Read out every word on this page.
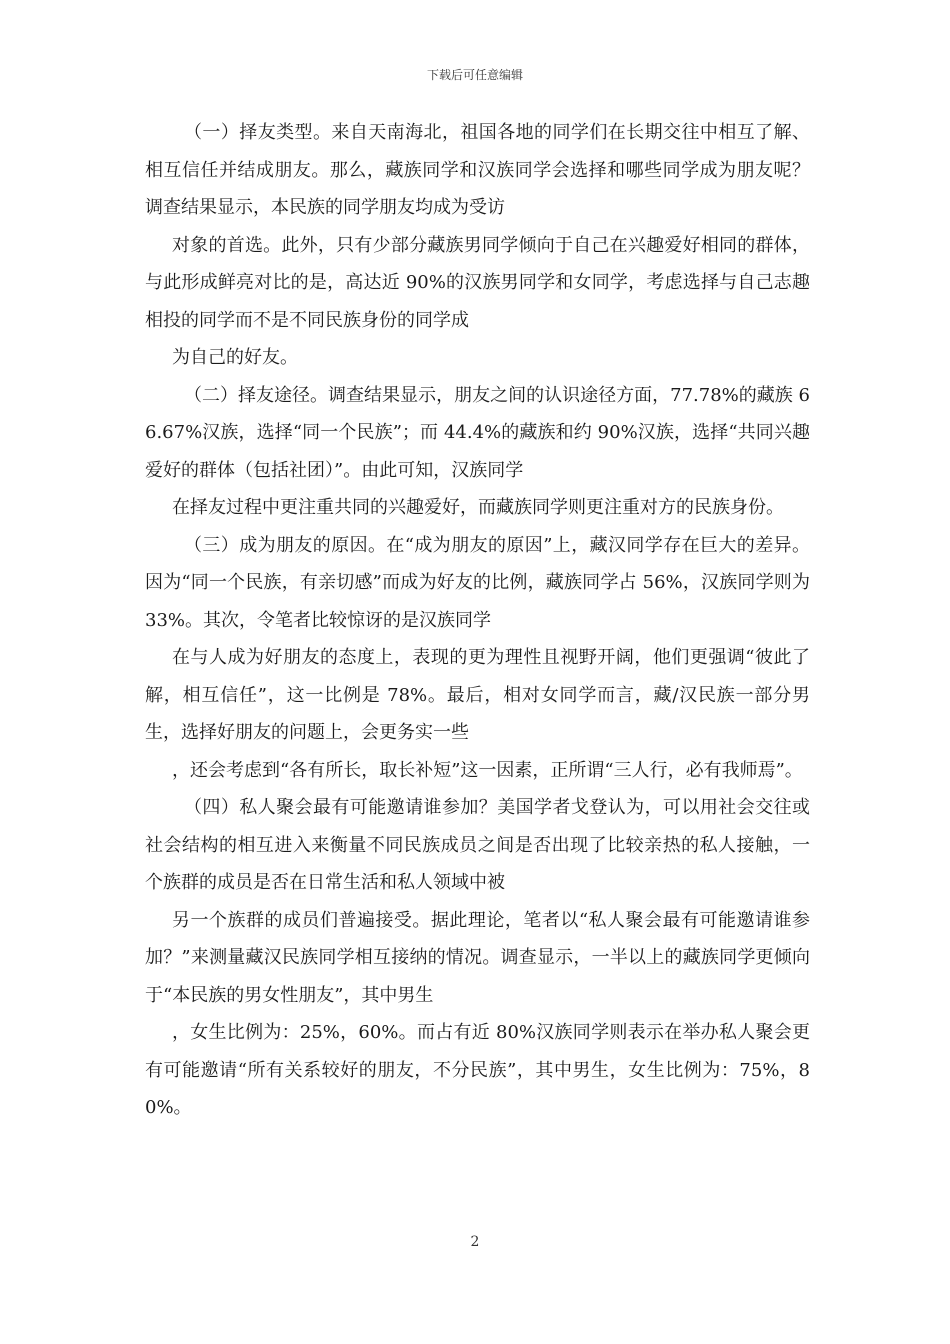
下载后可任意编辑

（一）择友类型。来自天南海北，祖国各地的同学们在长期交往中相互了解、相互信任并结成朋友。那么，藏族同学和汉族同学会选择和哪些同学成为朋友呢？调查结果显示，本民族的同学朋友均成为受访

对象的首选。此外，只有少部分藏族男同学倾向于自己在兴趣爱好相同的群体，与此形成鲜亮对比的是，高达近 90%的汉族男同学和女同学，考虑选择与自己志趣相投的同学而不是不同民族身份的同学成

为自己的好友。

（二）择友途径。调查结果显示，朋友之间的认识途径方面，77.78%的藏族 66.67%汉族，选择“同一个民族”；而 44.4%的藏族和约 90%汉族，选择“共同兴趣爱好的群体（包括社团）”。由此可知，汉族同学

在择友过程中更注重共同的兴趣爱好，而藏族同学则更注重对方的民族身份。

（三）成为朋友的原因。在“成为朋友的原因”上，藏汉同学存在巨大的差异。因为“同一个民族，有亲切感”而成为好友的比例，藏族同学占 56%，汉族同学则为 33%。其次，令笔者比较惊讶的是汉族同学

在与人成为好朋友的态度上，表现的更为理性且视野开阔，他们更强调“彼此了解，相互信任”，这一比例是 78%。最后，相对女同学而言，藏/汉民族一部分男生，选择好朋友的问题上，会更务实一些

，还会考虑到“各有所长，取长补短”这一因素，正所谓“三人行，必有我师焉”。

（四）私人聚会最有可能邀请谁参加？美国学者戈登认为，可以用社会交往或社会结构的相互进入来衡量不同民族成员之间是否出现了比较亲热的私人接触，一个族群的成员是否在日常生活和私人领域中被

另一个族群的成员们普遍接受。据此理论，笔者以“私人聚会最有可能邀请谁参加？”来测量藏汉民族同学相互接纳的情况。调查显示，一半以上的藏族同学更倾向于“本民族的男女性朋友”，其中男生

，女生比例为：25%，60%。而占有近 80%汉族同学则表示在举办私人聚会更有可能邀请“所有关系较好的朋友，不分民族”，其中男生，女生比例为：75%，80%。

2
